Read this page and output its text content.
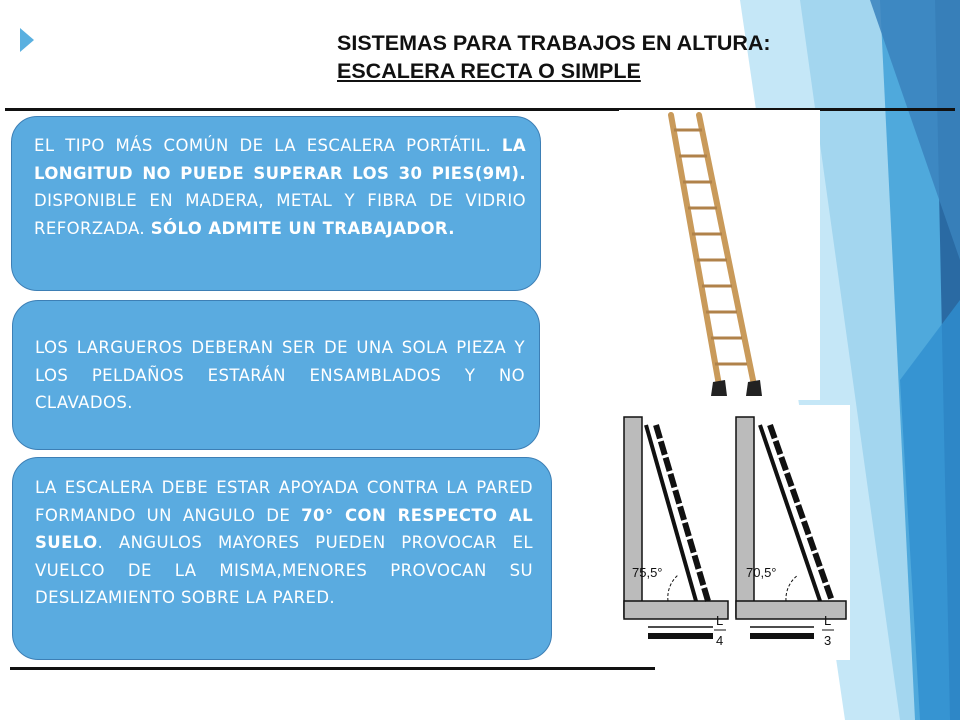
SISTEMAS PARA TRABAJOS EN ALTURA:
ESCALERA RECTA O SIMPLE

EL TIPO MÁS COMÚN DE LA ESCALERA PORTÁTIL. LA LONGITUD NO PUEDE SUPERAR LOS 30 PIES(9M). DISPONIBLE EN MADERA, METAL Y FIBRA DE VIDRIO REFORZADA. SÓLO ADMITE UN TRABAJADOR.

LOS LARGUEROS DEBERAN SER DE UNA SOLA PIEZA Y LOS PELDAÑOS ESTARÁN ENSAMBLADOS Y NO CLAVADOS.

LA ESCALERA DEBE ESTAR APOYADA CONTRA LA PARED FORMANDO UN ANGULO DE 70° CON RESPECTO AL SUELO. ANGULOS MAYORES PUEDEN PROVOCAR EL VUELCO DE LA MISMA,MENORES PROVOCAN SU DESLIZAMIENTO SOBRE LA PARED.

75,5°
L
4
70,5°
L
3
